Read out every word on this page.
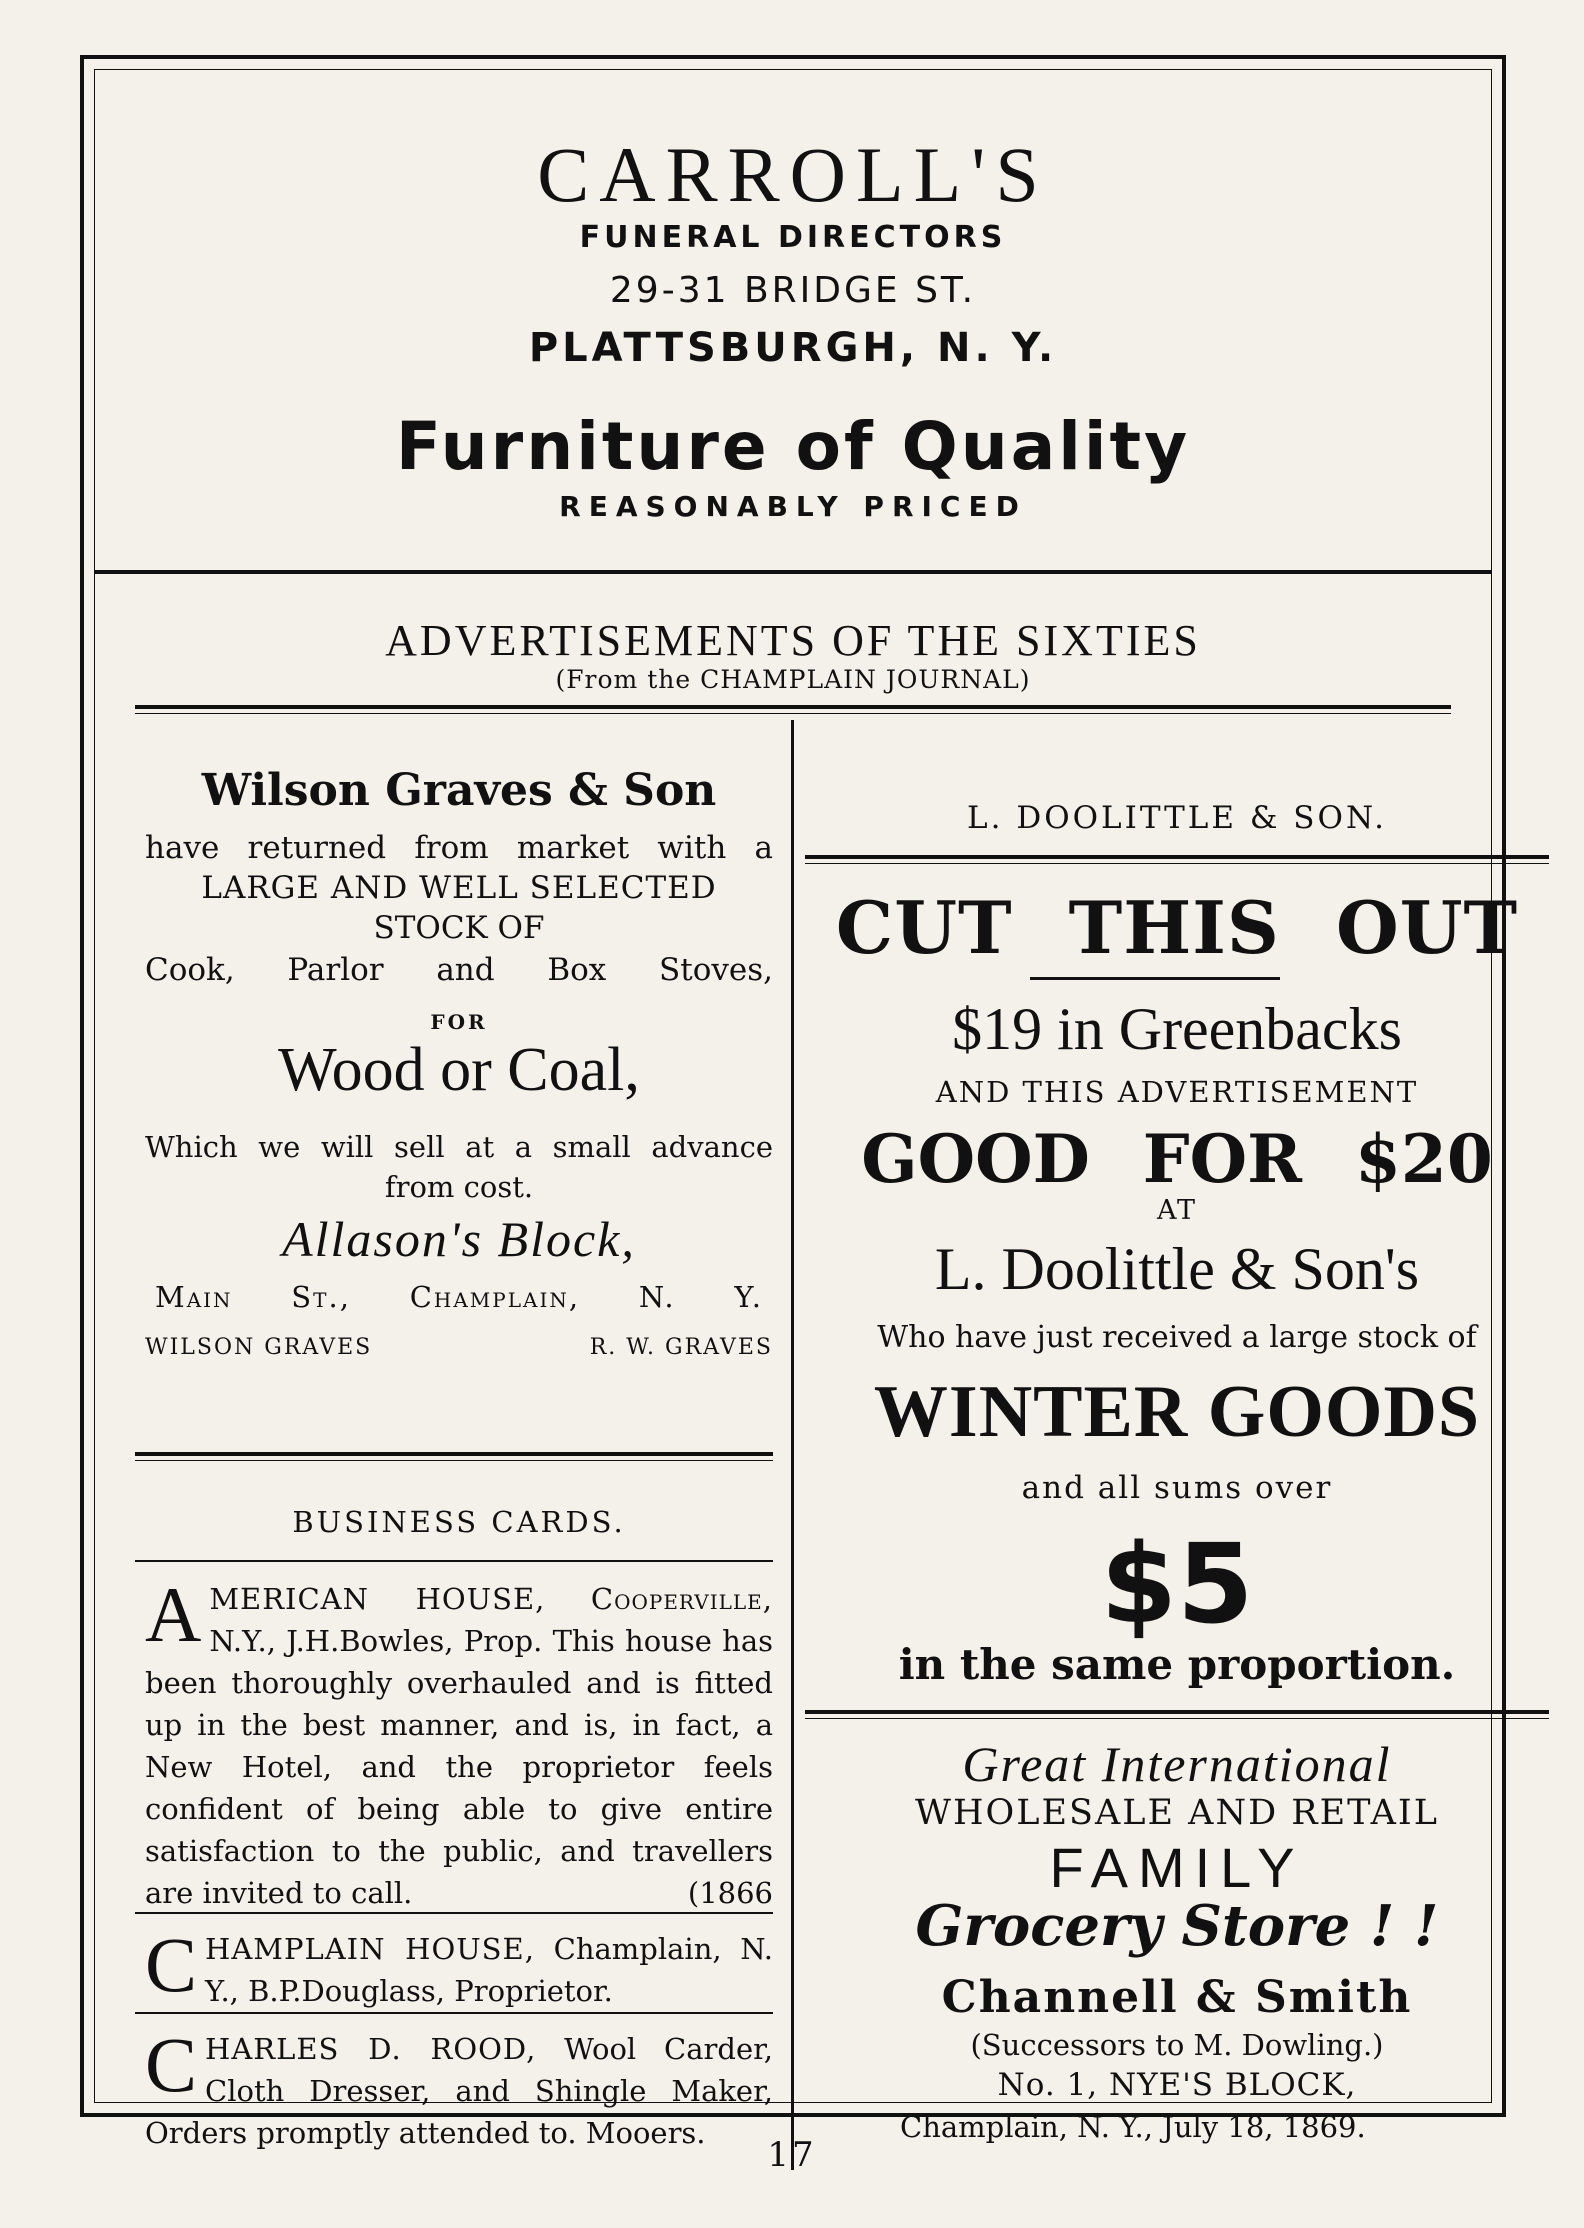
CARROLL'S
FUNERAL DIRECTORS
29-31 BRIDGE ST.
PLATTSBURGH, N. Y.
Furniture of Quality
REASONABLY PRICED
ADVERTISEMENTS OF THE SIXTIES
(From the CHAMPLAIN JOURNAL)
Wilson Graves & Son
have returned from market with a
LARGE AND WELL SELECTED
STOCK OF
Cook, Parlor and Box Stoves,
FOR
Wood or Coal,
Which we will sell at a small advance
from cost.
Allason's Block,
Main St., Champlain, N. Y.
WILSON GRAVES	R. W. GRAVES
BUSINESS CARDS.
A MERICAN HOUSE, Cooperville, N.Y., J.H.Bowles, Prop. This house has been thoroughly overhauled and is fitted up in the best manner, and is, in fact, a New Hotel, and the proprietor feels confident of being able to give entire satisfaction to the public, and travellers are invited to call.	(1866
C HAMPLAIN HOUSE, Champlain, N. Y., B.P.Douglass, Proprietor.
C HARLES D. ROOD, Wool Carder, Cloth Dresser, and Shingle Maker, Orders promptly attended to. Mooers.
L. DOOLITTLE & SON.
CUT THIS OUT
$19 in Greenbacks
AND THIS ADVERTISEMENT
GOOD FOR $20
AT
L. Doolittle & Son's
Who have just received a large stock of
WINTER GOODS
and all sums over
$5
in the same proportion.
Great International
WHOLESALE AND RETAIL
FAMILY
Grocery Store ! !
Channell & Smith
(Successors to M. Dowling.)
No. 1, NYE'S BLOCK,
Champlain, N. Y., July 18, 1869.
17
